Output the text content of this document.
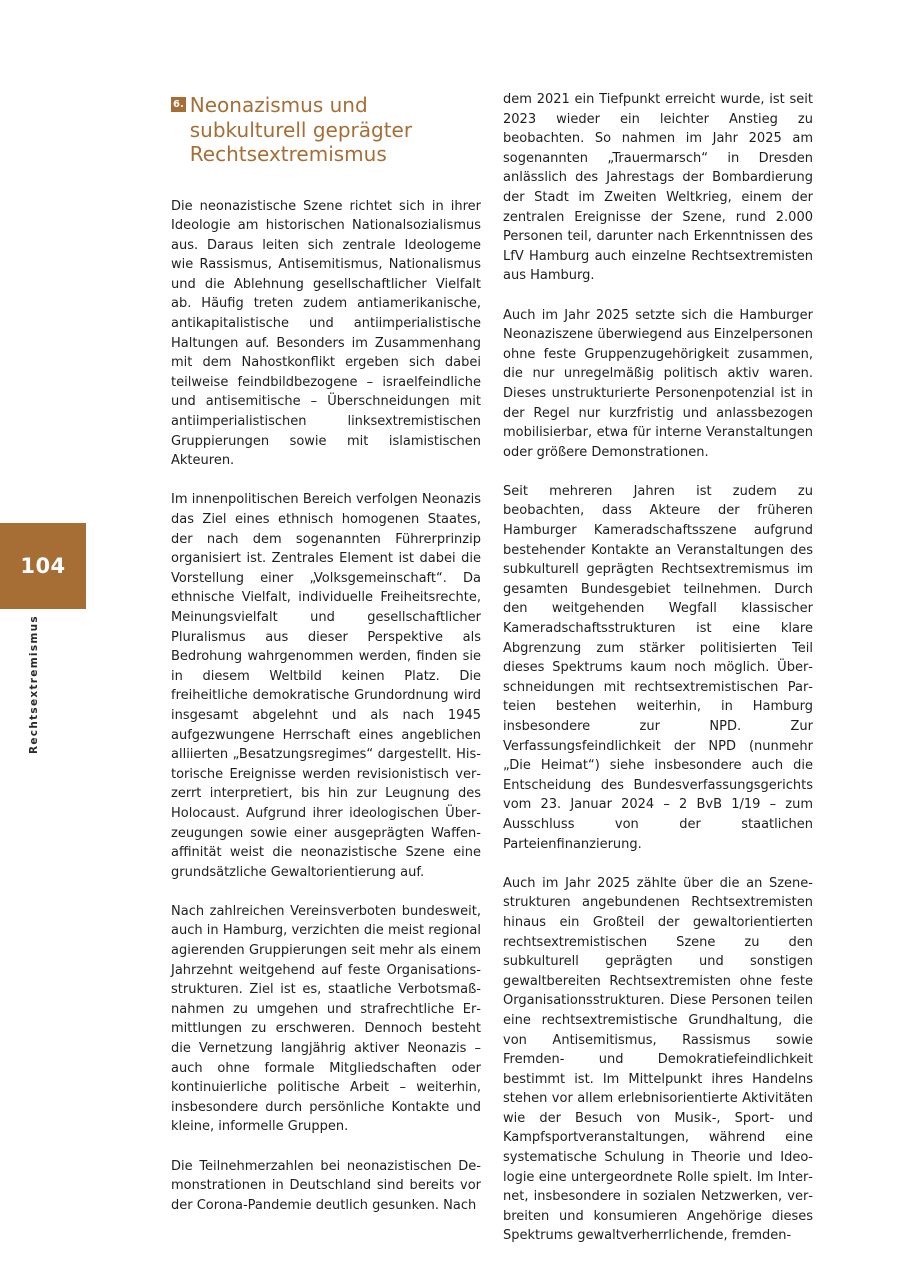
104
Rechtsextremismus
6. Neonazismus und subkulturell geprägter Rechtsextremismus

Die neonazistische Szene richtet sich in ihrer Ideologie am historischen Nationalsozialismus aus. Daraus leiten sich zentrale Ideologeme wie Rassismus, Antisemitismus, Nationalismus und die Ablehnung gesellschaftlicher Vielfalt ab. Häufig treten zudem antiamerikanische, antikapitalistische und antiimperialistische Haltungen auf. Besonders im Zusammenhang mit dem Nahostkonflikt ergeben sich dabei teilweise feindbildbezogene – israelfeindliche und antisemitische – Überschneidungen mit antiimperialistischen linksextremistischen Gruppierungen sowie mit islamistischen Akteuren.

Im innenpolitischen Bereich verfolgen Neonazis das Ziel eines ethnisch homogenen Staates, der nach dem sogenannten Führerprinzip organisiert ist. Zentrales Element ist dabei die Vorstellung einer „Volksgemeinschaft“. Da ethnische Vielfalt, individuelle Freiheitsrechte, Meinungsvielfalt und gesellschaftlicher Pluralismus aus dieser Perspektive als Bedrohung wahrgenommen werden, finden sie in diesem Weltbild keinen Platz. Die freiheitliche demokratische Grundordnung wird insgesamt abgelehnt und als nach 1945 aufgezwungene Herrschaft eines angeblichen alliierten „Besatzungsregimes“ dargestellt. Historische Ereignisse werden revisionistisch verzerrt interpretiert, bis hin zur Leugnung des Holocaust. Aufgrund ihrer ideologischen Überzeugungen sowie einer ausgeprägten Waffenaffinität weist die neonazistische Szene eine grundsätzliche Gewaltorientierung auf.

Nach zahlreichen Vereinsverboten bundesweit, auch in Hamburg, verzichten die meist regional agierenden Gruppierungen seit mehr als einem Jahrzehnt weitgehend auf feste Organisationsstrukturen. Ziel ist es, staatliche Verbotsmaßnahmen zu umgehen und strafrechtliche Ermittlungen zu erschweren. Dennoch besteht die Vernetzung langjährig aktiver Neonazis – auch ohne formale Mitgliedschaften oder kontinuierliche politische Arbeit – weiterhin, insbesondere durch persönliche Kontakte und kleine, informelle Gruppen.

Die Teilnehmerzahlen bei neonazistischen Demonstrationen in Deutschland sind bereits vor der Corona-Pandemie deutlich gesunken. Nach

dem 2021 ein Tiefpunkt erreicht wurde, ist seit 2023 wieder ein leichter Anstieg zu beobachten. So nahmen im Jahr 2025 am sogenannten „Trauermarsch“ in Dresden anlässlich des Jahrestags der Bombardierung der Stadt im Zweiten Weltkrieg, einem der zentralen Ereignisse der Szene, rund 2.000 Personen teil, darunter nach Erkenntnissen des LfV Hamburg auch einzelne Rechtsextremisten aus Hamburg.

Auch im Jahr 2025 setzte sich die Hamburger Neonaziszene überwiegend aus Einzelpersonen ohne feste Gruppenzugehörigkeit zusammen, die nur unregelmäßig politisch aktiv waren. Dieses unstrukturierte Personenpotenzial ist in der Regel nur kurzfristig und anlassbezogen mobilisierbar, etwa für interne Veranstaltungen oder größere Demonstrationen.

Seit mehreren Jahren ist zudem zu beobachten, dass Akteure der früheren Hamburger Kameradschaftsszene aufgrund bestehender Kontakte an Veranstaltungen des subkulturell geprägten Rechtsextremismus im gesamten Bundesgebiet teilnehmen. Durch den weitgehenden Wegfall klassischer Kameradschaftsstrukturen ist eine klare Abgrenzung zum stärker politisierten Teil dieses Spektrums kaum noch möglich. Überschneidungen mit rechtsextremistischen Parteien bestehen weiterhin, in Hamburg insbesondere zur NPD. Zur Verfassungsfeindlichkeit der NPD (nunmehr „Die Heimat“) siehe insbesondere auch die Entscheidung des Bundesverfassungsgerichts vom 23. Januar 2024 – 2 BvB 1/19 – zum Ausschluss von der staatlichen Parteienfinanzierung.

Auch im Jahr 2025 zählte über die an Szenestrukturen angebundenen Rechtsextremisten hinaus ein Großteil der gewaltorientierten rechtsextremistischen Szene zu den subkulturell geprägten und sonstigen gewaltbereiten Rechtsextremisten ohne feste Organisationsstrukturen. Diese Personen teilen eine rechtsextremistische Grundhaltung, die von Antisemitismus, Rassismus sowie Fremden- und Demokratiefeindlichkeit bestimmt ist. Im Mittelpunkt ihres Handelns stehen vor allem erlebnisorientierte Aktivitäten wie der Besuch von Musik-, Sport- und Kampfsportveranstaltungen, während eine systematische Schulung in Theorie und Ideologie eine untergeordnete Rolle spielt. Im Internet, insbesondere in sozialen Netzwerken, verbreiten und konsumieren Angehörige dieses Spektrums gewaltverherrlichende, fremden-
